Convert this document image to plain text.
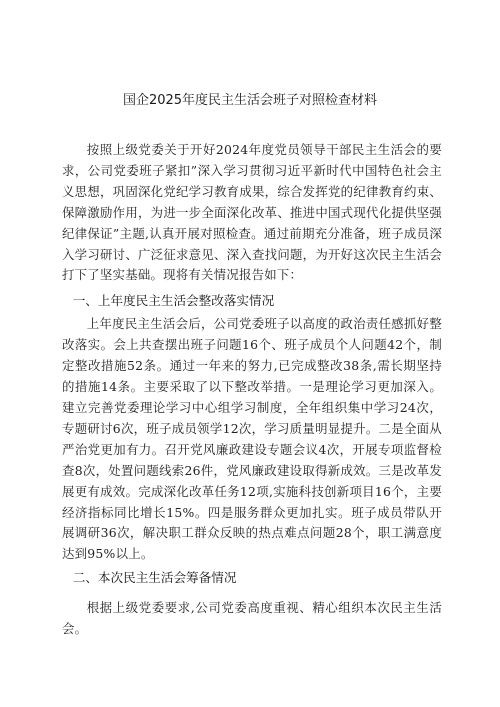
国企2025年度民主生活会班子对照检查材料

按照上级党委关于开好2024年度党员领导干部民主生活会的要求，公司党委班子紧扣”深入学习贯彻习近平新时代中国特色社会主义思想，巩固深化党纪学习教育成果，综合发挥党的纪律教育约束、保障激励作用，为进一步全面深化改革、推进中国式现代化提供坚强纪律保证”主题,认真开展对照检查。通过前期充分准备，班子成员深入学习研讨、广泛征求意见、深入查找问题，为开好这次民主生活会打下了坚实基础。现将有关情况报告如下：

一、上年度民主生活会整改落实情况

上年度民主生活会后，公司党委班子以高度的政治责任感抓好整改落实。会上共查摆出班子问题16个、班子成员个人问题42个，制定整改措施52条。通过一年来的努力,已完成整改38条,需长期坚持的措施14条。主要采取了以下整改举措。一是理论学习更加深入。建立完善党委理论学习中心组学习制度，全年组织集中学习24次，专题研讨6次，班子成员领学12次，学习质量明显提升。二是全面从严治党更加有力。召开党风廉政建设专题会议4次，开展专项监督检查8次，处置问题线索26件，党风廉政建设取得新成效。三是改革发展更有成效。完成深化改革任务12项,实施科技创新项目16个，主要经济指标同比增长15%。四是服务群众更加扎实。班子成员带队开展调研36次，解决职工群众反映的热点难点问题28个，职工满意度达到95%以上。

二、本次民主生活会筹备情况

根据上级党委要求,公司党委高度重视、精心组织本次民主生活会。
